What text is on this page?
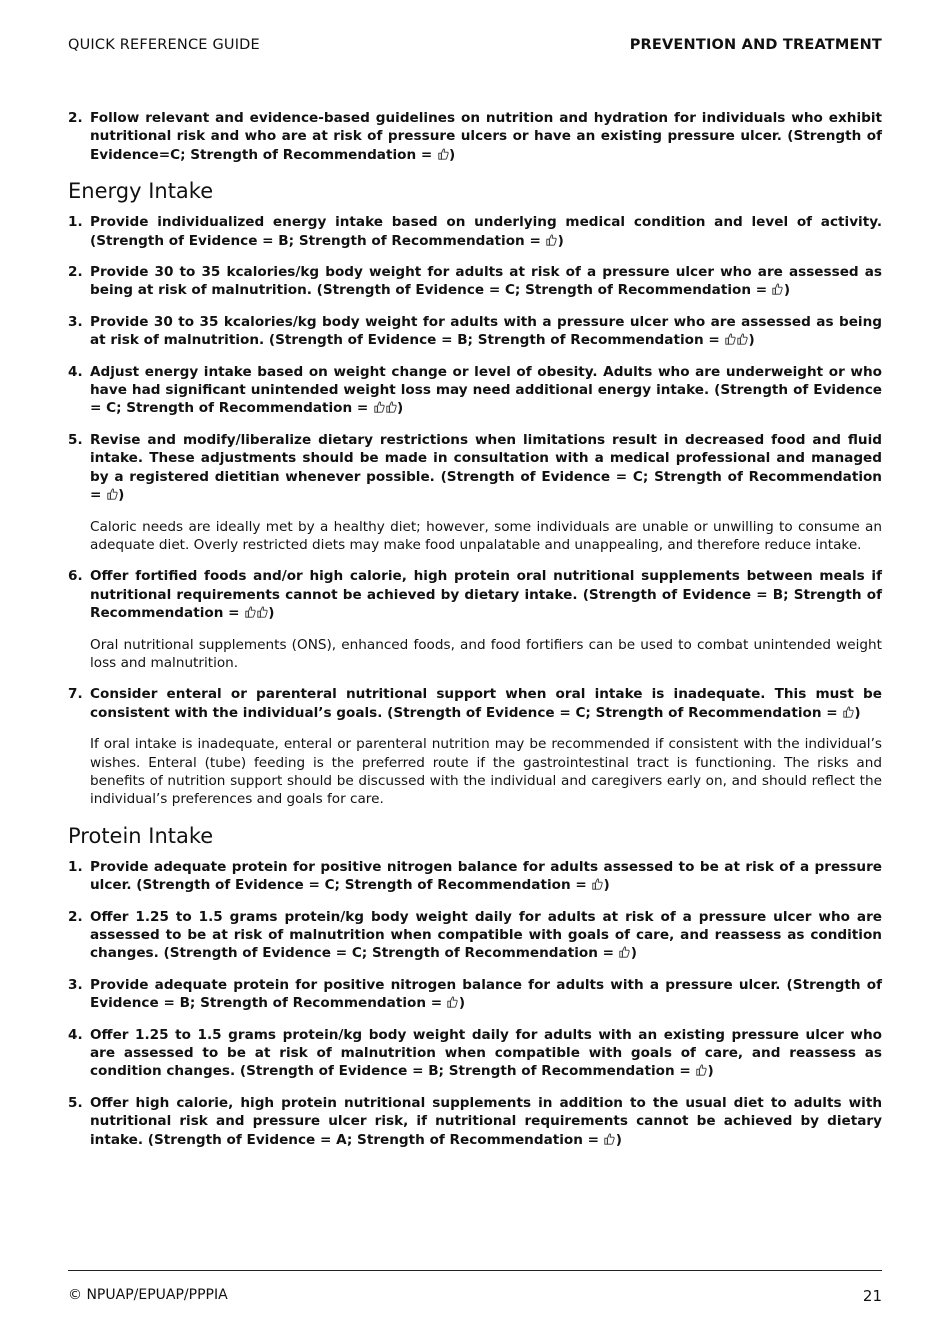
QUICK REFERENCE GUIDE	PREVENTION AND TREATMENT
2. Follow relevant and evidence-based guidelines on nutrition and hydration for individuals who exhibit nutritional risk and who are at risk of pressure ulcers or have an existing pressure ulcer. (Strength of Evidence=C; Strength of Recommendation = )
Energy Intake
1. Provide individualized energy intake based on underlying medical condition and level of activity. (Strength of Evidence = B; Strength of Recommendation = )
2. Provide 30 to 35 kcalories/kg body weight for adults at risk of a pressure ulcer who are assessed as being at risk of malnutrition. (Strength of Evidence = C; Strength of Recommendation = )
3. Provide 30 to 35 kcalories/kg body weight for adults with a pressure ulcer who are assessed as being at risk of malnutrition. (Strength of Evidence = B; Strength of Recommendation = )
4. Adjust energy intake based on weight change or level of obesity. Adults who are underweight or who have had significant unintended weight loss may need additional energy intake. (Strength of Evidence = C; Strength of Recommendation = )
5. Revise and modify/liberalize dietary restrictions when limitations result in decreased food and fluid intake. These adjustments should be made in consultation with a medical professional and managed by a registered dietitian whenever possible. (Strength of Evidence = C; Strength of Recommendation = )
Caloric needs are ideally met by a healthy diet; however, some individuals are unable or unwilling to consume an adequate diet. Overly restricted diets may make food unpalatable and unappealing, and therefore reduce intake.
6. Offer fortified foods and/or high calorie, high protein oral nutritional supplements between meals if nutritional requirements cannot be achieved by dietary intake. (Strength of Evidence = B; Strength of Recommendation = )
Oral nutritional supplements (ONS), enhanced foods, and food fortifiers can be used to combat unintended weight loss and malnutrition.
7. Consider enteral or parenteral nutritional support when oral intake is inadequate. This must be consistent with the individual’s goals. (Strength of Evidence = C; Strength of Recommendation = )
If oral intake is inadequate, enteral or parenteral nutrition may be recommended if consistent with the individual’s wishes. Enteral (tube) feeding is the preferred route if the gastrointestinal tract is functioning. The risks and benefits of nutrition support should be discussed with the individual and caregivers early on, and should reflect the individual’s preferences and goals for care.
Protein Intake
1. Provide adequate protein for positive nitrogen balance for adults assessed to be at risk of a pressure ulcer. (Strength of Evidence = C; Strength of Recommendation = )
2. Offer 1.25 to 1.5 grams protein/kg body weight daily for adults at risk of a pressure ulcer who are assessed to be at risk of malnutrition when compatible with goals of care, and reassess as condition changes. (Strength of Evidence = C; Strength of Recommendation = )
3. Provide adequate protein for positive nitrogen balance for adults with a pressure ulcer. (Strength of Evidence = B; Strength of Recommendation = )
4. Offer 1.25 to 1.5 grams protein/kg body weight daily for adults with an existing pressure ulcer who are assessed to be at risk of malnutrition when compatible with goals of care, and reassess as condition changes. (Strength of Evidence = B; Strength of Recommendation = )
5. Offer high calorie, high protein nutritional supplements in addition to the usual diet to adults with nutritional risk and pressure ulcer risk, if nutritional requirements cannot be achieved by dietary intake. (Strength of Evidence = A; Strength of Recommendation = )
© NPUAP/EPUAP/PPPIA	21
